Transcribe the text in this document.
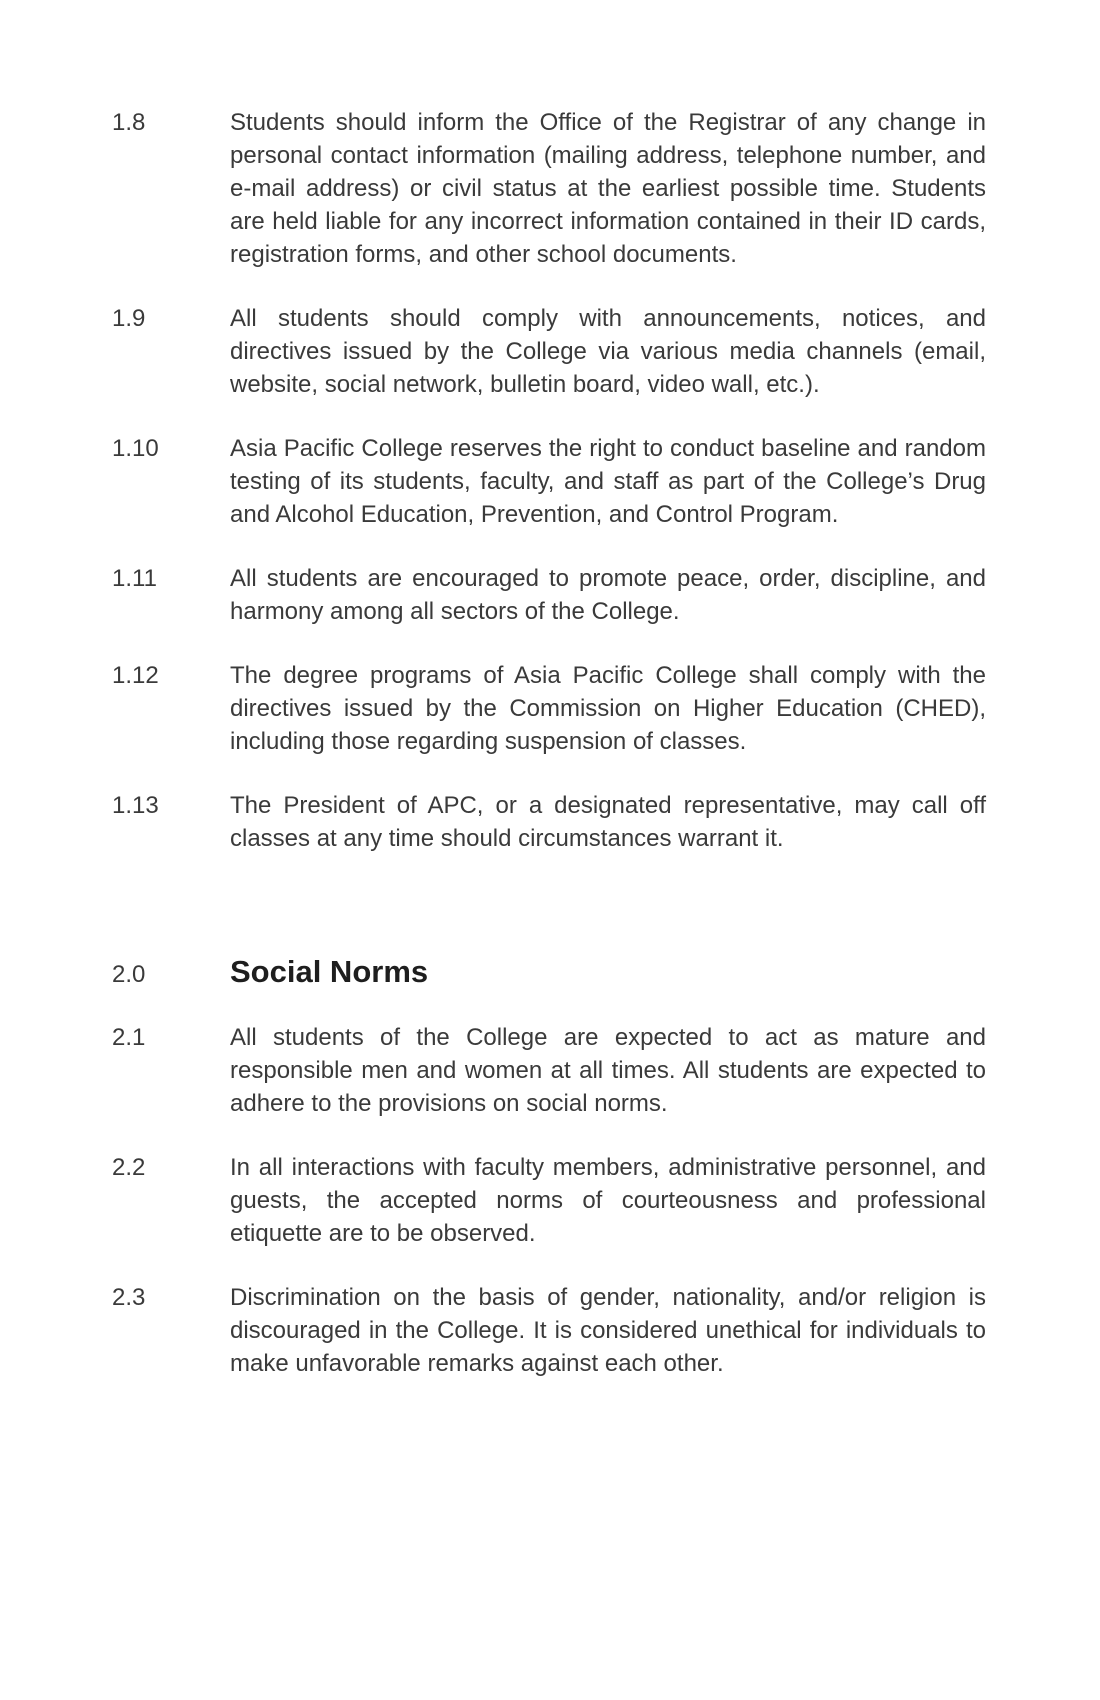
1.8	Students should inform the Office of the Registrar of any change in personal contact information (mailing address, telephone number, and e-mail address) or civil status at the earliest possible time. Students are held liable for any incorrect information contained in their ID cards, registration forms, and other school documents.
1.9	All students should comply with announcements, notices, and directives issued by the College via various media channels (email, website, social network, bulletin board, video wall, etc.).
1.10	Asia Pacific College reserves the right to conduct baseline and random testing of its students, faculty, and staff as part of the College’s Drug and Alcohol Education, Prevention, and Control Program.
1.11	All students are encouraged to promote peace, order, discipline, and harmony among all sectors of the College.
1.12	The degree programs of Asia Pacific College shall comply with the directives issued by the Commission on Higher Education (CHED), including those regarding suspension of classes.
1.13	The President of APC, or a designated representative, may call off classes at any time should circumstances warrant it.
2.0	Social Norms
2.1	All students of the College are expected to act as mature and responsible men and women at all times. All students are expected to adhere to the provisions on social norms.
2.2	In all interactions with faculty members, administrative personnel, and guests, the accepted norms of courteousness and professional etiquette are to be observed.
2.3	Discrimination on the basis of gender, nationality, and/or religion is discouraged in the College. It is considered unethical for individuals to make unfavorable remarks against each other.
